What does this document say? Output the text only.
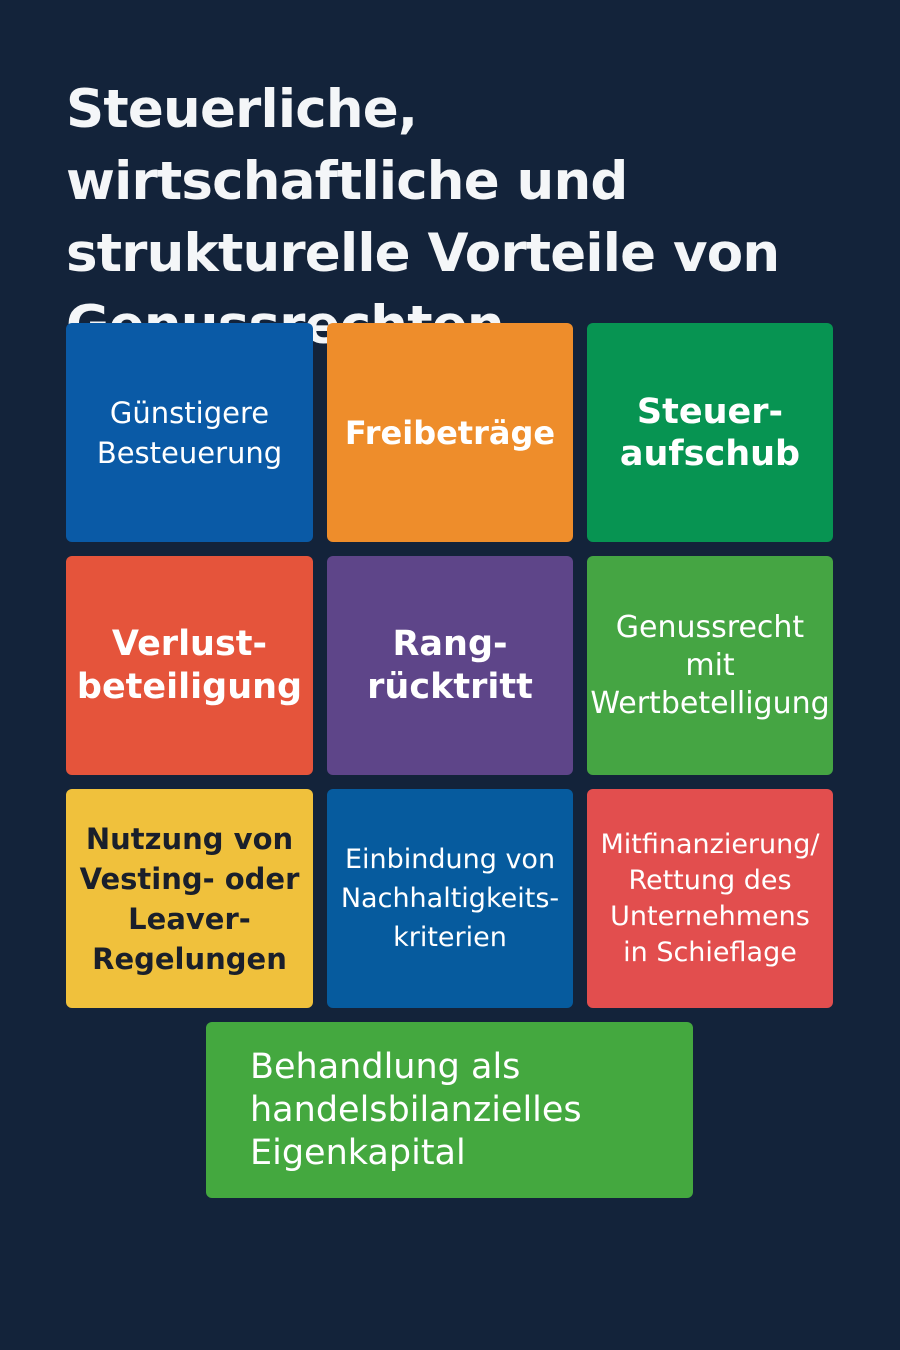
Steuerliche, wirtschaftliche und strukturelle Vorteile von
Günstigere
Besteuerung
Freibeträge
Steuer-
aufschub
Verlust-
beteiligung
Rang-
rücktritt
Genussrecht
mit
Wertbetelligung
Nutzung von
Vesting- oder
Leaver-
Regelungen
Einbindung von
Nachhaltigkeits-
kriterien
Mitfinanzierung/
Rettung des
Unternehmens
in Schieflage
Behandlung als
handelsbilanzielles
Eigenkapital
